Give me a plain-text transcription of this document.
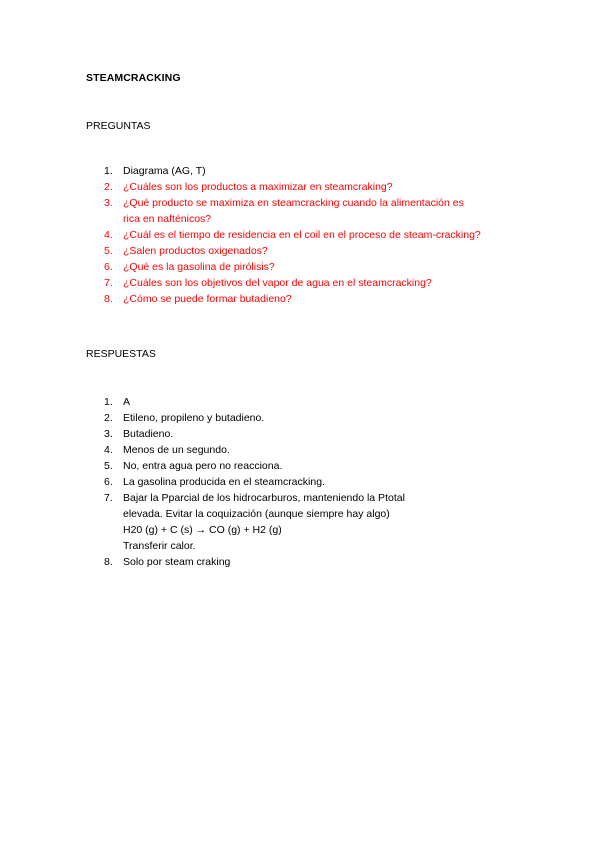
STEAMCRACKING
PREGUNTAS
1. Diagrama (AG, T)
2. ¿Cuáles son los productos a maximizar en steamcraking?
3. ¿Qué producto se maximiza en steamcracking cuando la alimentación es
rica en nafténicos?
4. ¿Cuál es el tiempo de residencia en el coil en el proceso de steam-cracking?
5. ¿Salen productos oxigenados?
6. ¿Qué es la gasolina de pirólisis?
7. ¿Cuáles son los objetivos del vapor de agua en el steamcracking?
8. ¿Cómo se puede formar butadieno?
RESPUESTAS
1. A
2. Etileno, propileno y butadieno.
3. Butadieno.
4. Menos de un segundo.
5. No, entra agua pero no reacciona.
6. La gasolina producida en el steamcracking.
7. Bajar la Pparcial de los hidrocarburos, manteniendo la Ptotal
elevada. Evitar la coquización (aunque siempre hay algo)
H20 (g) + C (s) → CO (g) + H2 (g)
Transferir calor.
8. Solo por steam craking
